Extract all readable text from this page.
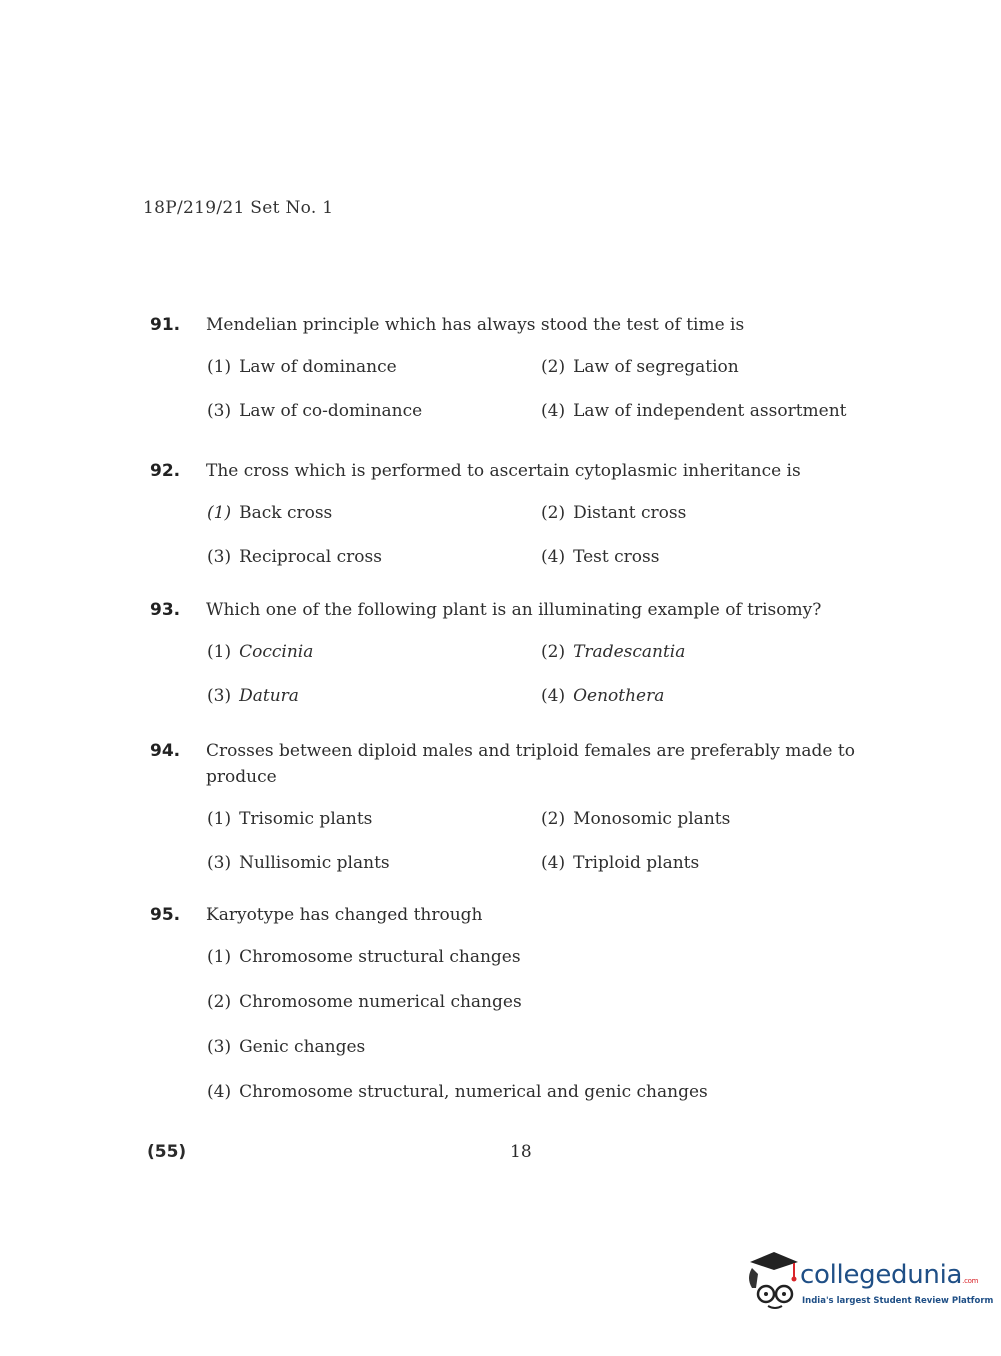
18P/219/21 Set No. 1
91.	Mendelian principle which has always stood the test of time is
(1) Law of dominance	(2) Law of segregation
(3) Law of co-dominance	(4) Law of independent assortment
92.	The cross which is performed to ascertain cytoplasmic inheritance is
(1) Back cross	(2) Distant cross
(3) Reciprocal cross	(4) Test cross
93.	Which one of the following plant is an illuminating example of trisomy?
(1) Coccinia	(2) Tradescantia
(3) Datura	(4) Oenothera
94.	Crosses between diploid males and triploid females are preferably made to produce
(1) Trisomic plants	(2) Monosomic plants
(3) Nullisomic plants	(4) Triploid plants
95.	Karyotype has changed through
(1) Chromosome structural changes
(2) Chromosome numerical changes
(3) Genic changes
(4) Chromosome structural, numerical and genic changes
(55)	18
collegedunia.com
India's largest Student Review Platform
